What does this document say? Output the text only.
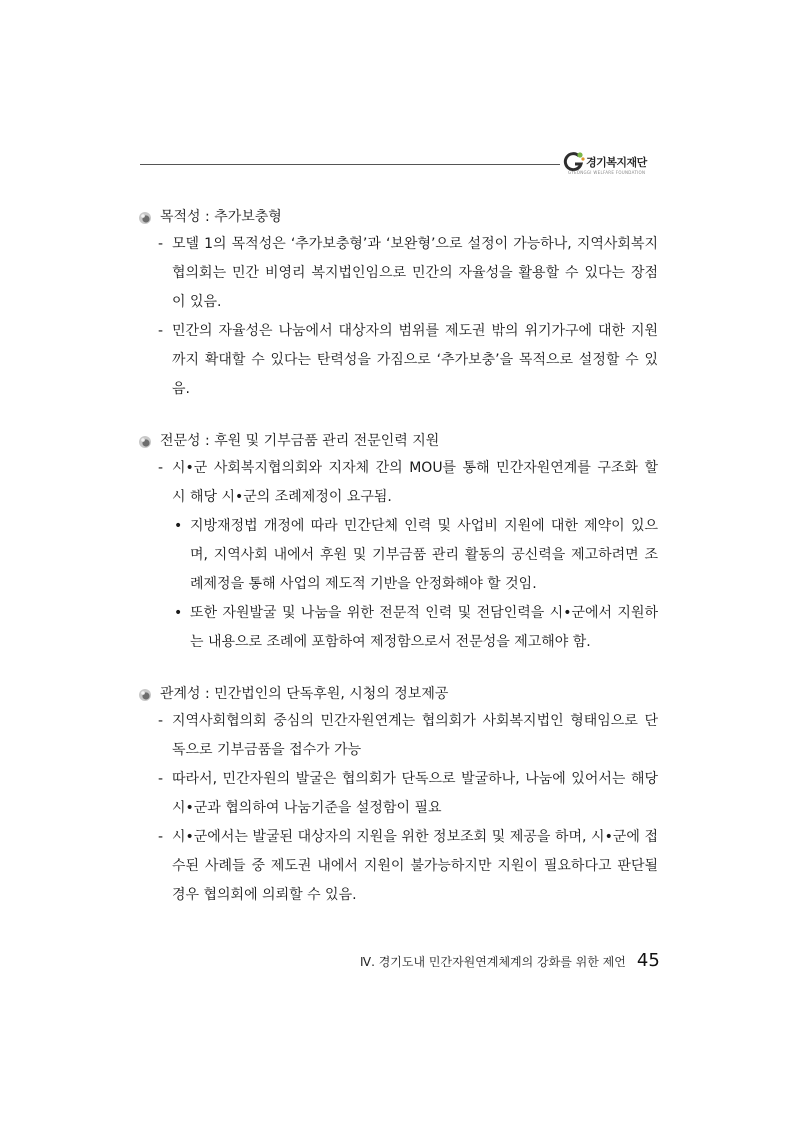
경기복지재단
GYEONGGI WELFARE FOUNDATION
목적성 : 추가보충형
- 모델 1의 목적성은 ‘추가보충형’과 ‘보완형’으로 설정이 가능하나, 지역사회복지협의회는 민간 비영리 복지법인임으로 민간의 자율성을 활용할 수 있다는 장점이 있음.
- 민간의 자율성은 나눔에서 대상자의 범위를 제도권 밖의 위기가구에 대한 지원까지 확대할 수 있다는 탄력성을 가짐으로 ‘추가보충’을 목적으로 설정할 수 있음.
전문성 : 후원 및 기부금품 관리 전문인력 지원
- 시•군 사회복지협의회와 지자체 간의 MOU를 통해 민간자원연계를 구조화 할 시 해당 시•군의 조례제정이 요구됨.
• 지방재정법 개정에 따라 민간단체 인력 및 사업비 지원에 대한 제약이 있으며, 지역사회 내에서 후원 및 기부금품 관리 활동의 공신력을 제고하려면 조례제정을 통해 사업의 제도적 기반을 안정화해야 할 것임.
• 또한 자원발굴 및 나눔을 위한 전문적 인력 및 전담인력을 시•군에서 지원하는 내용으로 조례에 포함하여 제정함으로서 전문성을 제고해야 함.
관계성 : 민간법인의 단독후원, 시청의 정보제공
- 지역사회협의회 중심의 민간자원연계는 협의회가 사회복지법인 형태임으로 단독으로 기부금품을 접수가 가능
- 따라서, 민간자원의 발굴은 협의회가 단독으로 발굴하나, 나눔에 있어서는 해당 시•군과 협의하여 나눔기준을 설정함이 필요
- 시•군에서는 발굴된 대상자의 지원을 위한 정보조회 및 제공을 하며, 시•군에 접수된 사례들 중 제도권 내에서 지원이 불가능하지만 지원이 필요하다고 판단될 경우 협의회에 의뢰할 수 있음.
Ⅳ. 경기도내 민간자원연계체계의 강화를 위한 제언 45
